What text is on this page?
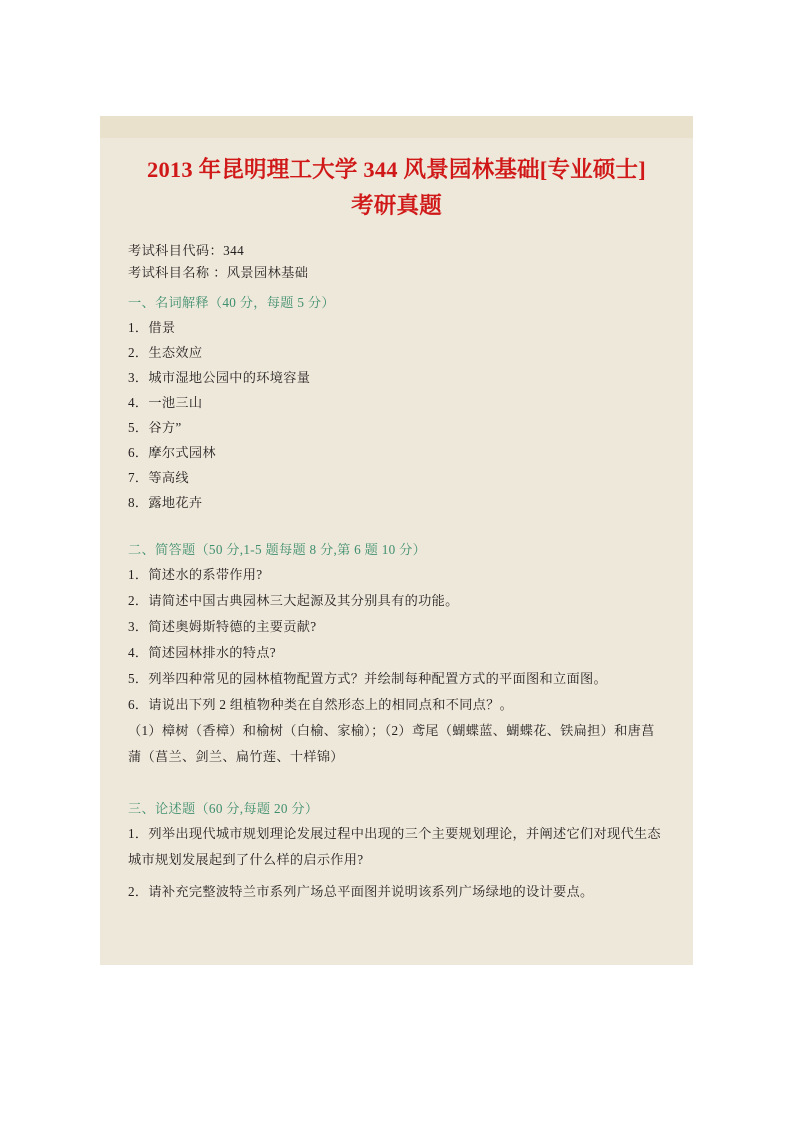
2013 年昆明理工大学 344 风景园林基础[专业硕士]
考研真题
考试科目代码：344
考试科目名称 ：风景园林基础
一、名词解释（40 分，每题 5 分）
1．借景
2．生态效应
3．城市湿地公园中的环境容量
4．一池三山
5．谷方”
6．摩尔式园林
7．等高线
8．露地花卉
二、简答题（50 分,1-5 题每题 8 分,第 6 题 10 分）
1．简述水的系带作用?
2．请简述中国古典园林三大起源及其分别具有的功能。
3．简述奥姆斯特德的主要贡献?
4．简述园林排水的特点?
5．列举四种常见的园林植物配置方式？并绘制每种配置方式的平面图和立面图。
6．请说出下列 2 组植物种类在自然形态上的相同点和不同点？。
（1）樟树（香樟）和榆树（白榆、家榆）；（2）鸢尾（蝴蝶蓝、蝴蝶花、铁扁担）和唐菖蒲（菖兰、剑兰、扁竹莲、十样锦）
三、论述题（60 分,每题 20 分）
1．列举出现代城市规划理论发展过程中出现的三个主要规划理论，并阐述它们对现代生态城市规划发展起到了什么样的启示作用?
2．请补充完整波特兰市系列广场总平面图并说明该系列广场绿地的设计要点。
